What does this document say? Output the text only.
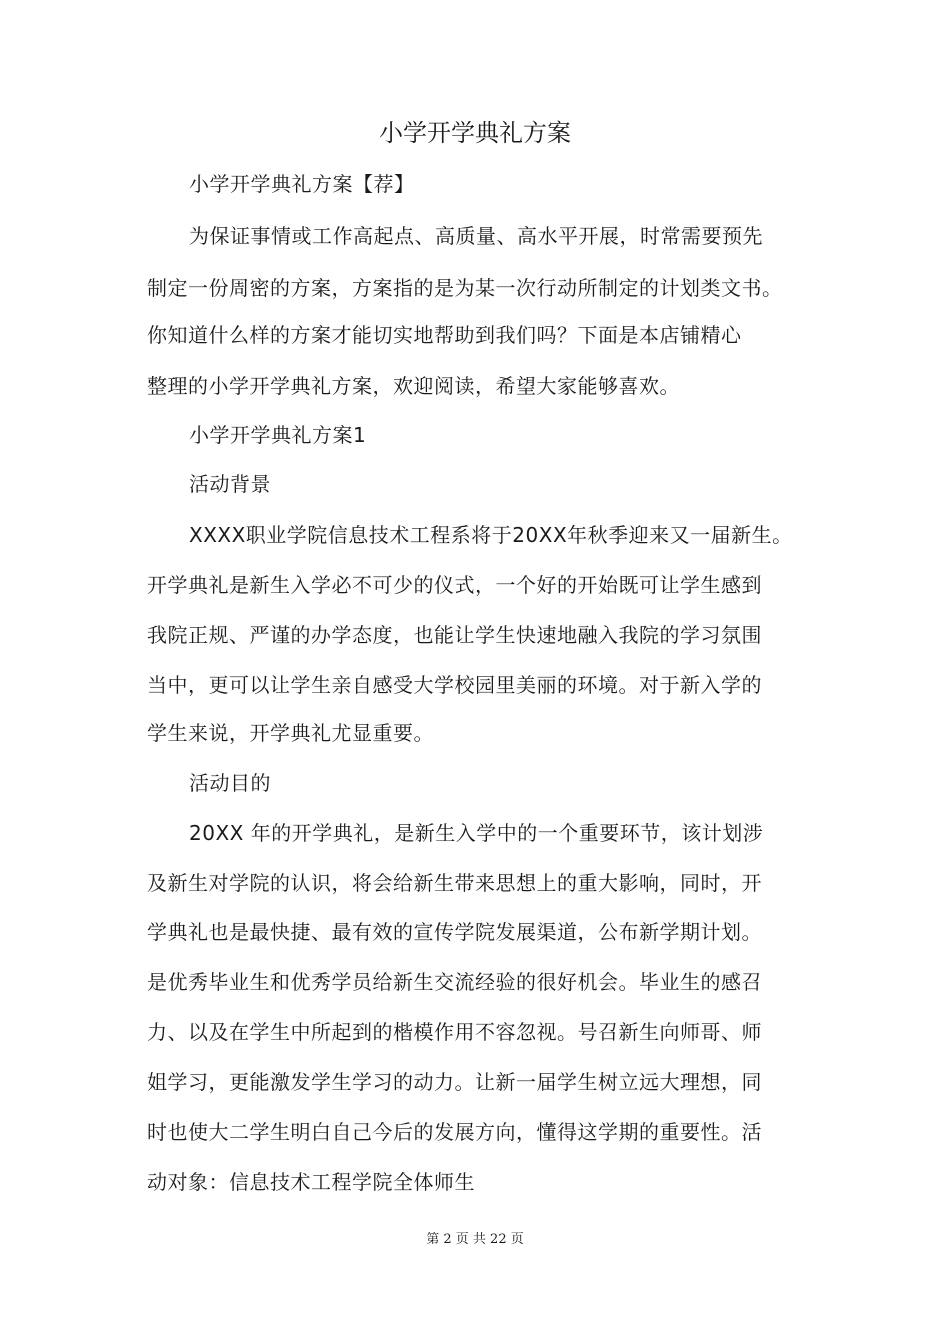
小学开学典礼方案
小学开学典礼方案【荐】
为保证事情或工作高起点、高质量、高水平开展，时常需要预先
制定一份周密的方案，方案指的是为某一次行动所制定的计划类文书。
你知道什么样的方案才能切实地帮助到我们吗？下面是本店铺精心
整理的小学开学典礼方案，欢迎阅读，希望大家能够喜欢。
小学开学典礼方案1
活动背景
XXXX职业学院信息技术工程系将于20XX年秋季迎来又一届新生。
开学典礼是新生入学必不可少的仪式，一个好的开始既可让学生感到
我院正规、严谨的办学态度，也能让学生快速地融入我院的学习氛围
当中，更可以让学生亲自感受大学校园里美丽的环境。对于新入学的
学生来说，开学典礼尤显重要。
活动目的
20XX 年的开学典礼，是新生入学中的一个重要环节，该计划涉
及新生对学院的认识，将会给新生带来思想上的重大影响，同时，开
学典礼也是最快捷、最有效的宣传学院发展渠道，公布新学期计划。
是优秀毕业生和优秀学员给新生交流经验的很好机会。毕业生的感召
力、以及在学生中所起到的楷模作用不容忽视。号召新生向师哥、师
姐学习，更能激发学生学习的动力。让新一届学生树立远大理想，同
时也使大二学生明白自己今后的发展方向，懂得这学期的重要性。活
动对象：信息技术工程学院全体师生
第 2 页 共 22 页
